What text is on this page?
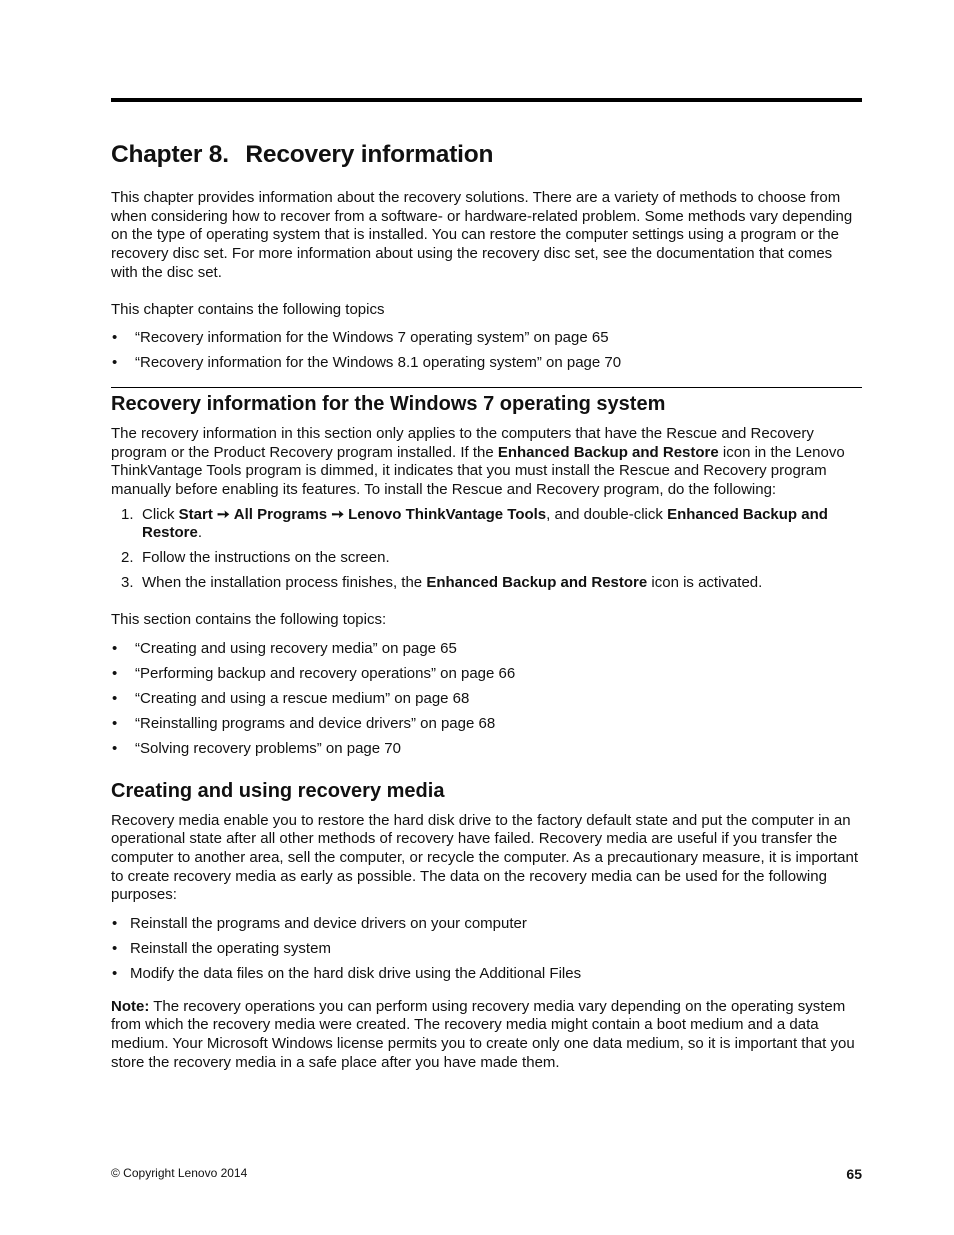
Chapter 8. Recovery information

This chapter provides information about the recovery solutions. There are a variety of methods to choose from when considering how to recover from a software- or hardware-related problem. Some methods vary depending on the type of operating system that is installed. You can restore the computer settings using a program or the recovery disc set. For more information about using the recovery disc set, see the documentation that comes with the disc set.

This chapter contains the following topics

• “Recovery information for the Windows 7 operating system” on page 65
• “Recovery information for the Windows 8.1 operating system” on page 70
Recovery information for the Windows 7 operating system

The recovery information in this section only applies to the computers that have the Rescue and Recovery program or the Product Recovery program installed. If the Enhanced Backup and Restore icon in the Lenovo ThinkVantage Tools program is dimmed, it indicates that you must install the Rescue and Recovery program manually before enabling its features. To install the Rescue and Recovery program, do the following:

1. Click Start ➙ All Programs ➙ Lenovo ThinkVantage Tools, and double-click Enhanced Backup and Restore.
2. Follow the instructions on the screen.
3. When the installation process finishes, the Enhanced Backup and Restore icon is activated.

This section contains the following topics:

• “Creating and using recovery media” on page 65
• “Performing backup and recovery operations” on page 66
• “Creating and using a rescue medium” on page 68
• “Reinstalling programs and device drivers” on page 68
• “Solving recovery problems” on page 70
Creating and using recovery media

Recovery media enable you to restore the hard disk drive to the factory default state and put the computer in an operational state after all other methods of recovery have failed. Recovery media are useful if you transfer the computer to another area, sell the computer, or recycle the computer. As a precautionary measure, it is important to create recovery media as early as possible. The data on the recovery media can be used for the following purposes:

• Reinstall the programs and device drivers on your computer
• Reinstall the operating system
• Modify the data files on the hard disk drive using the Additional Files

Note: The recovery operations you can perform using recovery media vary depending on the operating system from which the recovery media were created. The recovery media might contain a boot medium and a data medium. Your Microsoft Windows license permits you to create only one data medium, so it is important that you store the recovery media in a safe place after you have made them.

© Copyright Lenovo 2014	65
